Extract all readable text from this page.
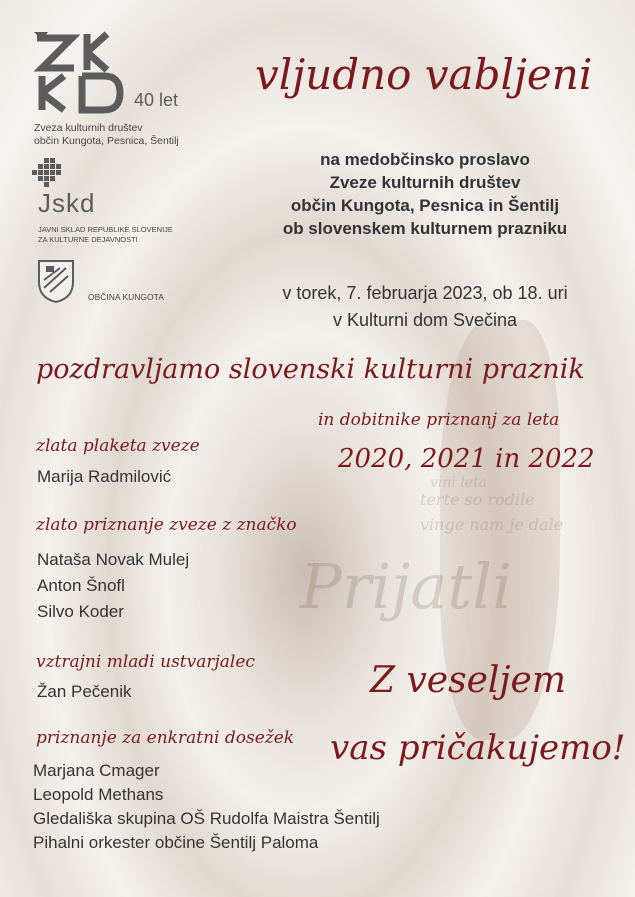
Prijatli
terte so rodile
vinge nam je dale
vini leta
40 let
Zveza kulturnih društev
občin Kungota, Pesnica, Šentilj
Jskd
JAVNI SKLAD REPUBLIKE SLOVENIJE
ZA KULTURNE DEJAVNOSTI
OBČINA KUNGOTA
vljudno vabljeni
na medobčinsko proslavo
Zveze kulturnih društev
občin Kungota, Pesnica in Šentilj
ob slovenskem kulturnem prazniku
v torek, 7. februarja 2023, ob 18. uri
v Kulturni dom Svečina
pozdravljamo slovenski kulturni praznik
in dobitnike priznanj za leta
2020, 2021 in 2022
zlata plaketa zveze
Marija Radmilović
zlato priznanje zveze z značko
Nataša Novak Mulej
Anton Šnofl
Silvo Koder
vztrajni mladi ustvarjalec
Žan Pečenik
priznanje za enkratni dosežek
Marjana Cmager
Leopold Methans
Gledališka skupina OŠ Rudolfa Maistra Šentilj
Pihalni orkester občine Šentilj Paloma
Z veseljem
vas pričakujemo!
